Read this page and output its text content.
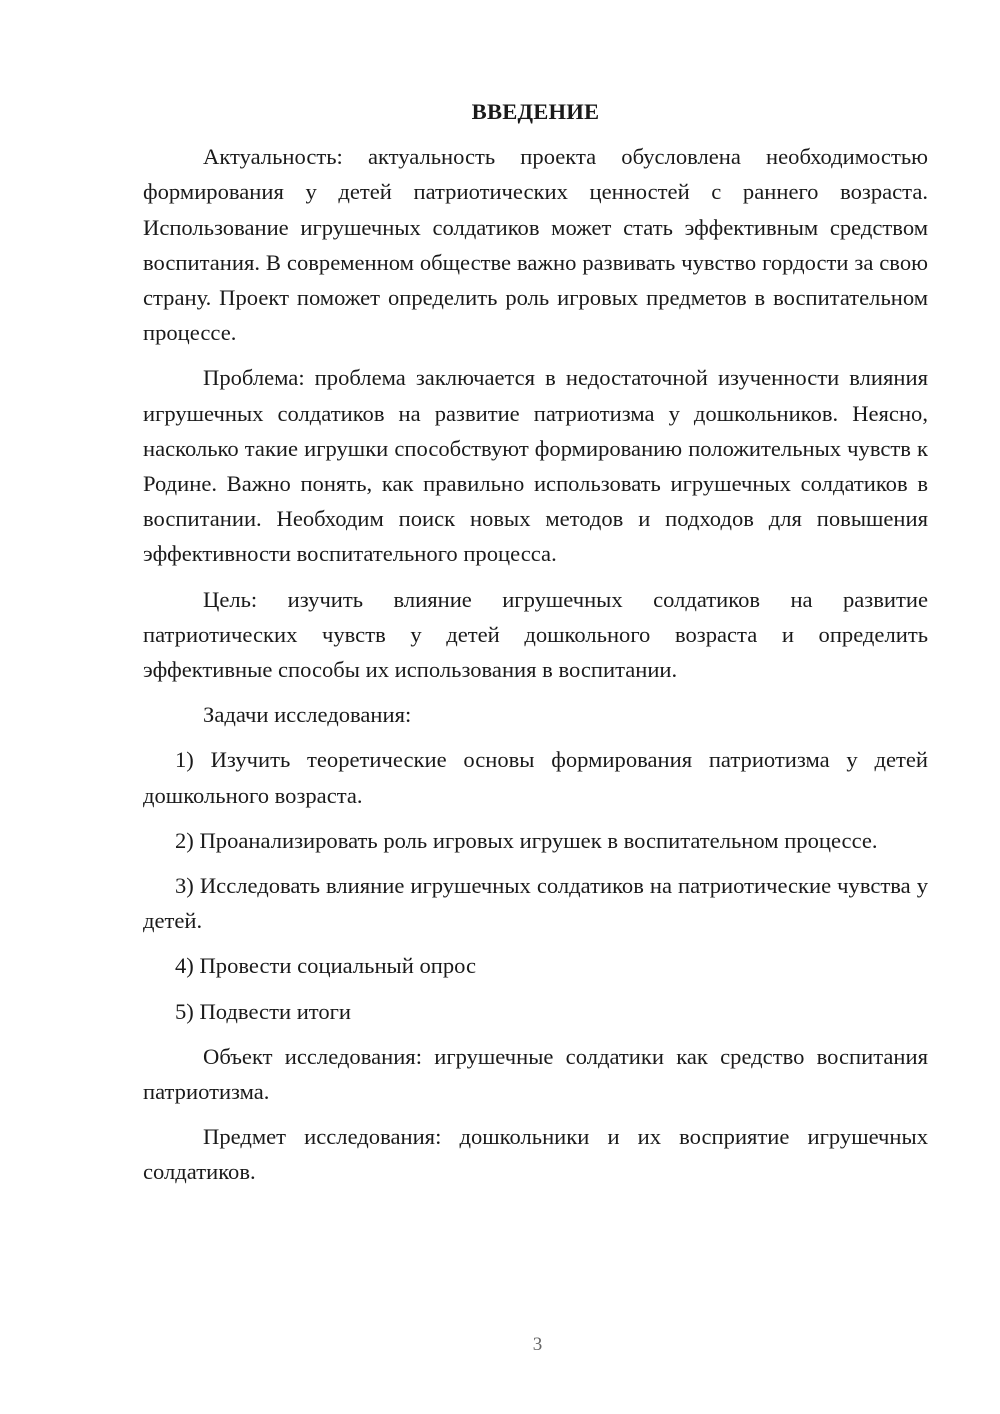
ВВЕДЕНИЕ

Актуальность: актуальность проекта обусловлена необходимостью формирования у детей патриотических ценностей с раннего возраста. Использование игрушечных солдатиков может стать эффективным средством воспитания. В современном обществе важно развивать чувство гордости за свою страну. Проект поможет определить роль игровых предметов в воспитательном процессе.

Проблема: проблема заключается в недостаточной изученности влияния игрушечных солдатиков на развитие патриотизма у дошкольников. Неясно, насколько такие игрушки способствуют формированию положительных чувств к Родине. Важно понять, как правильно использовать игрушечных солдатиков в воспитании. Необходим поиск новых методов и подходов для повышения эффективности воспитательного процесса.

Цель: изучить влияние игрушечных солдатиков на развитие патриотических чувств у детей дошкольного возраста и определить эффективные способы их использования в воспитании.

Задачи исследования:

1) Изучить теоретические основы формирования патриотизма у детей дошкольного возраста.

2) Проанализировать роль игровых игрушек в воспитательном процессе.

3) Исследовать влияние игрушечных солдатиков на патриотические чувства у детей.

4) Провести социальный опрос

5) Подвести итоги

Объект исследования: игрушечные солдатики как средство воспитания патриотизма.

Предмет исследования: дошкольники и их восприятие игрушечных солдатиков.

3
